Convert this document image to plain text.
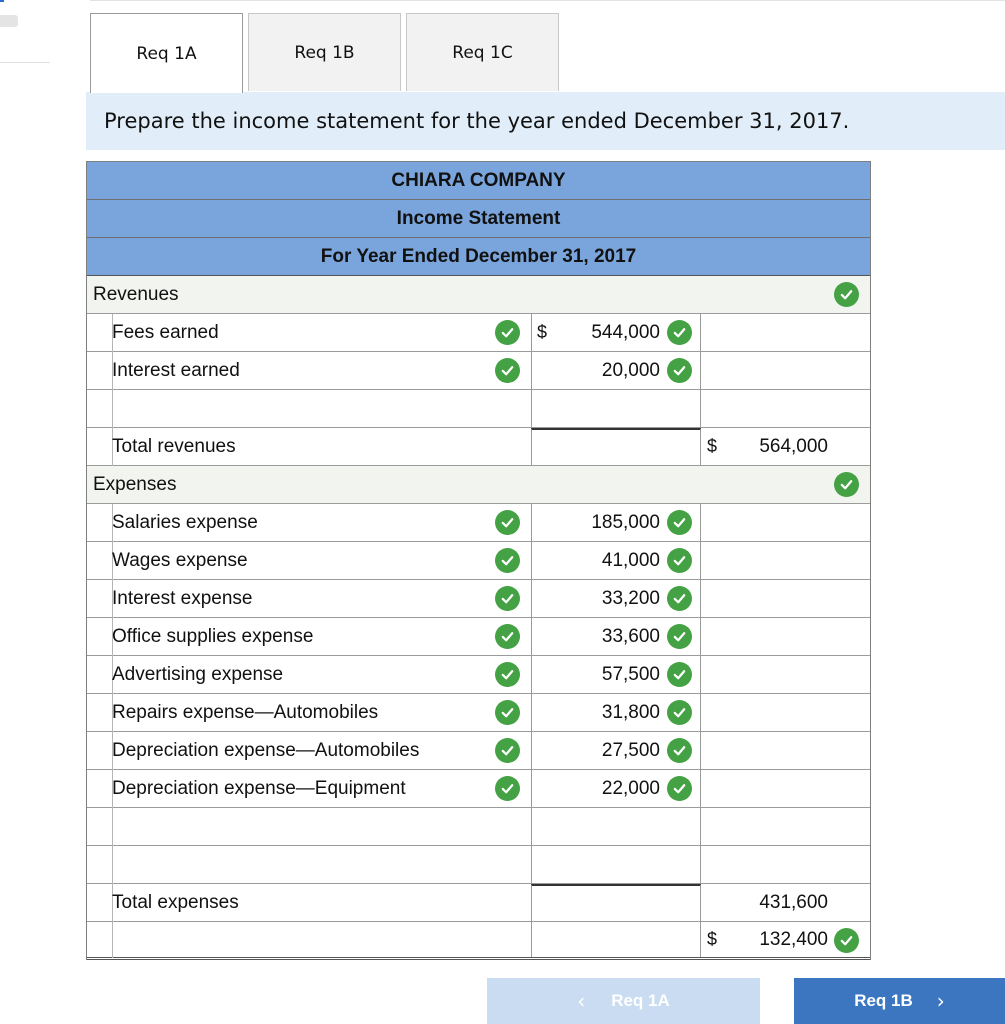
Req 1A	Req 1B	Req 1C
Prepare the income statement for the year ended December 31, 2017.
CHIARA COMPANY
Income Statement
For Year Ended December 31, 2017
Revenues
Fees earned	$ 544,000
Interest earned	20,000
Total revenues	$ 564,000
Expenses
Salaries expense	185,000
Wages expense	41,000
Interest expense	33,200
Office supplies expense	33,600
Advertising expense	57,500
Repairs expense—Automobiles	31,800
Depreciation expense—Automobiles	27,500
Depreciation expense—Equipment	22,000
Total expenses	431,600
$ 132,400
‹ Req 1A	Req 1B ›
